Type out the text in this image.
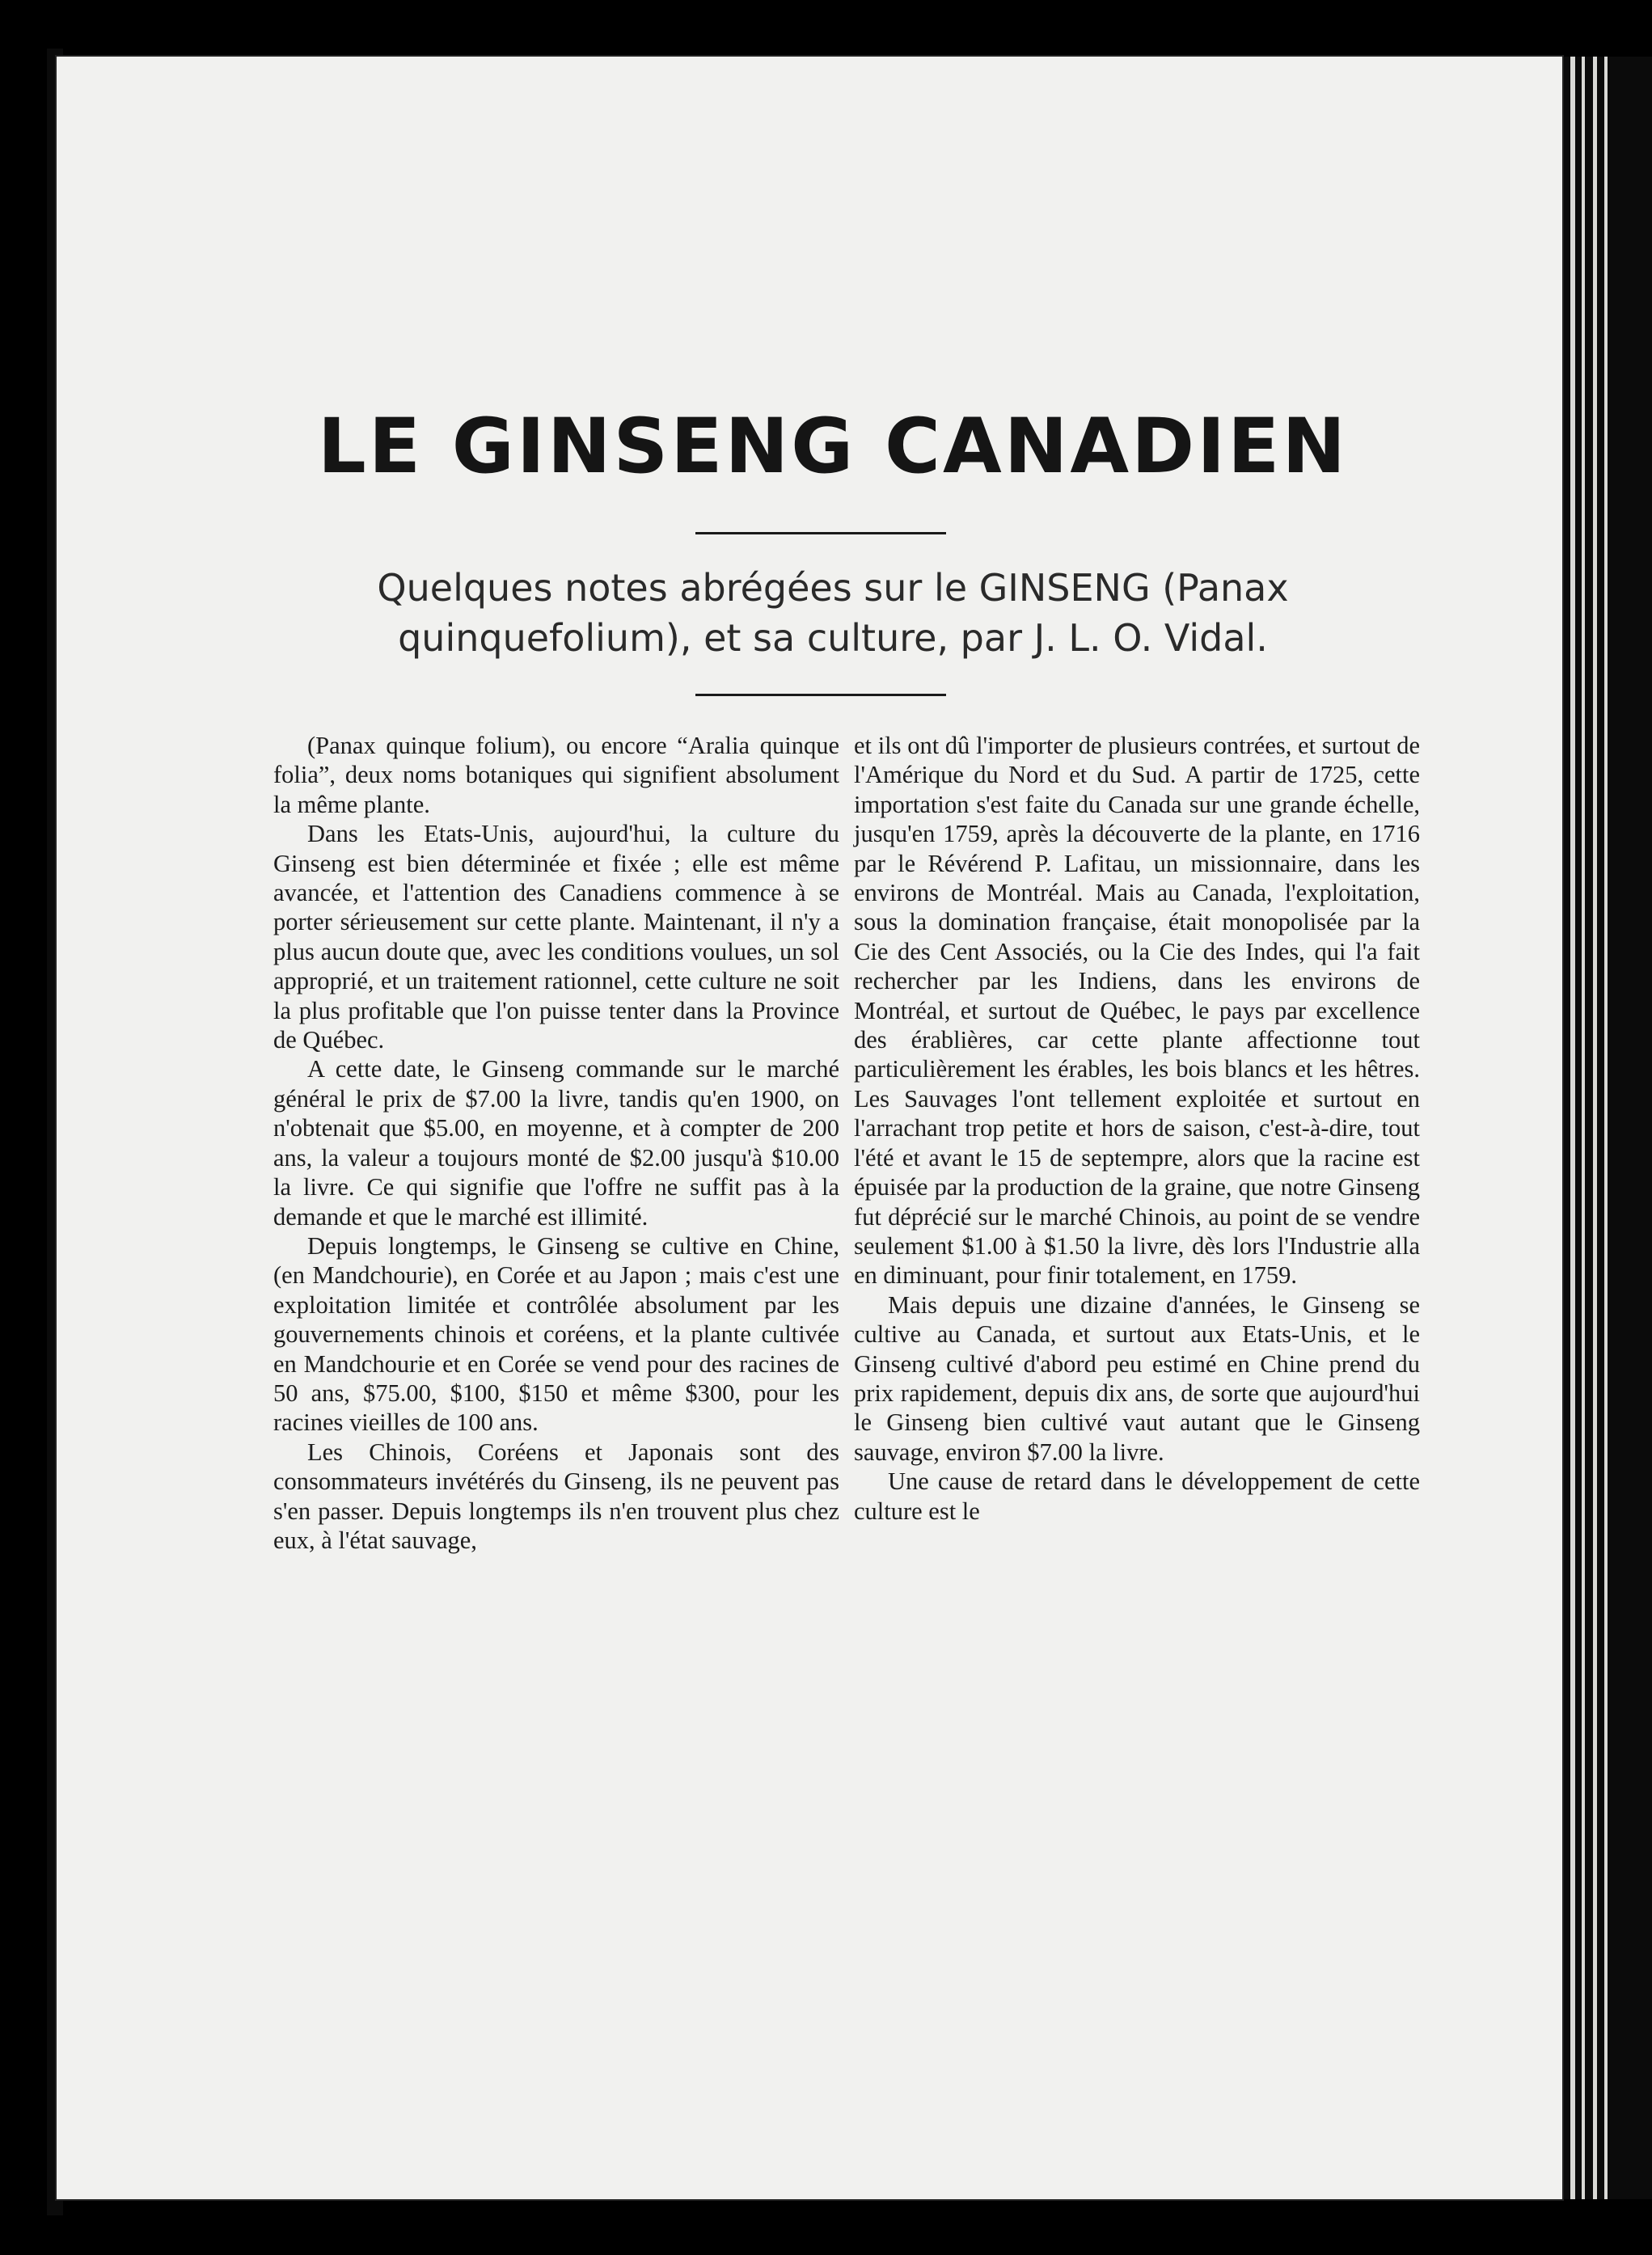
LE GINSENG CANADIEN
Quelques notes abrégées sur le GINSENG (Panax quinquefolium), et sa culture, par J. L. O. Vidal.

(Panax quinque folium), ou encore “Aralia quinque folia”, deux noms botaniques qui signifient absolument la même plante.

Dans les Etats-Unis, aujourd'hui, la culture du Ginseng est bien déterminée et fixée ; elle est même avancée, et l'attention des Canadiens commence à se porter sérieusement sur cette plante. Maintenant, il n'y a plus aucun doute que, avec les conditions voulues, un sol approprié, et un traitement rationnel, cette culture ne soit la plus profitable que l'on puisse tenter dans la Province de Québec.

A cette date, le Ginseng commande sur le marché général le prix de $7.00 la livre, tandis qu'en 1900, on n'obtenait que $5.00, en moyenne, et à compter de 200 ans, la valeur a toujours monté de $2.00 jusqu'à $10.00 la livre. Ce qui signifie que l'offre ne suffit pas à la demande et que le marché est illimité.

Depuis longtemps, le Ginseng se cultive en Chine, (en Mandchourie), en Corée et au Japon ; mais c'est une exploitation limitée et contrôlée absolument par les gouvernements chinois et coréens, et la plante cultivée en Mandchourie et en Corée se vend pour des racines de 50 ans, $75.00, $100, $150 et même $300, pour les racines vieilles de 100 ans.

Les Chinois, Coréens et Japonais sont des consommateurs invétérés du Ginseng, ils ne peuvent pas s'en passer. Depuis longtemps ils n'en trouvent plus chez eux, à l'état sauvage,

et ils ont dû l'importer de plusieurs contrées, et surtout de l'Amérique du Nord et du Sud. A partir de 1725, cette importation s'est faite du Canada sur une grande échelle, jusqu'en 1759, après la découverte de la plante, en 1716 par le Révérend P. Lafitau, un missionnaire, dans les environs de Montréal. Mais au Canada, l'exploitation, sous la domination française, était monopolisée par la Cie des Cent Associés, ou la Cie des Indes, qui l'a fait rechercher par les Indiens, dans les environs de Montréal, et surtout de Québec, le pays par excellence des érablières, car cette plante affectionne tout particulièrement les érables, les bois blancs et les hêtres. Les Sauvages l'ont tellement exploitée et surtout en l'arrachant trop petite et hors de saison, c'est-à-dire, tout l'été et avant le 15 de septempre, alors que la racine est épuisée par la production de la graine, que notre Ginseng fut déprécié sur le marché Chinois, au point de se vendre seulement $1.00 à $1.50 la livre, dès lors l'Industrie alla en diminuant, pour finir totalement, en 1759.

Mais depuis une dizaine d'années, le Ginseng se cultive au Canada, et surtout aux Etats-Unis, et le Ginseng cultivé d'abord peu estimé en Chine prend du prix rapidement, depuis dix ans, de sorte que aujourd'hui le Ginseng bien cultivé vaut autant que le Ginseng sauvage, environ $7.00 la livre.

Une cause de retard dans le développement de cette culture est le
